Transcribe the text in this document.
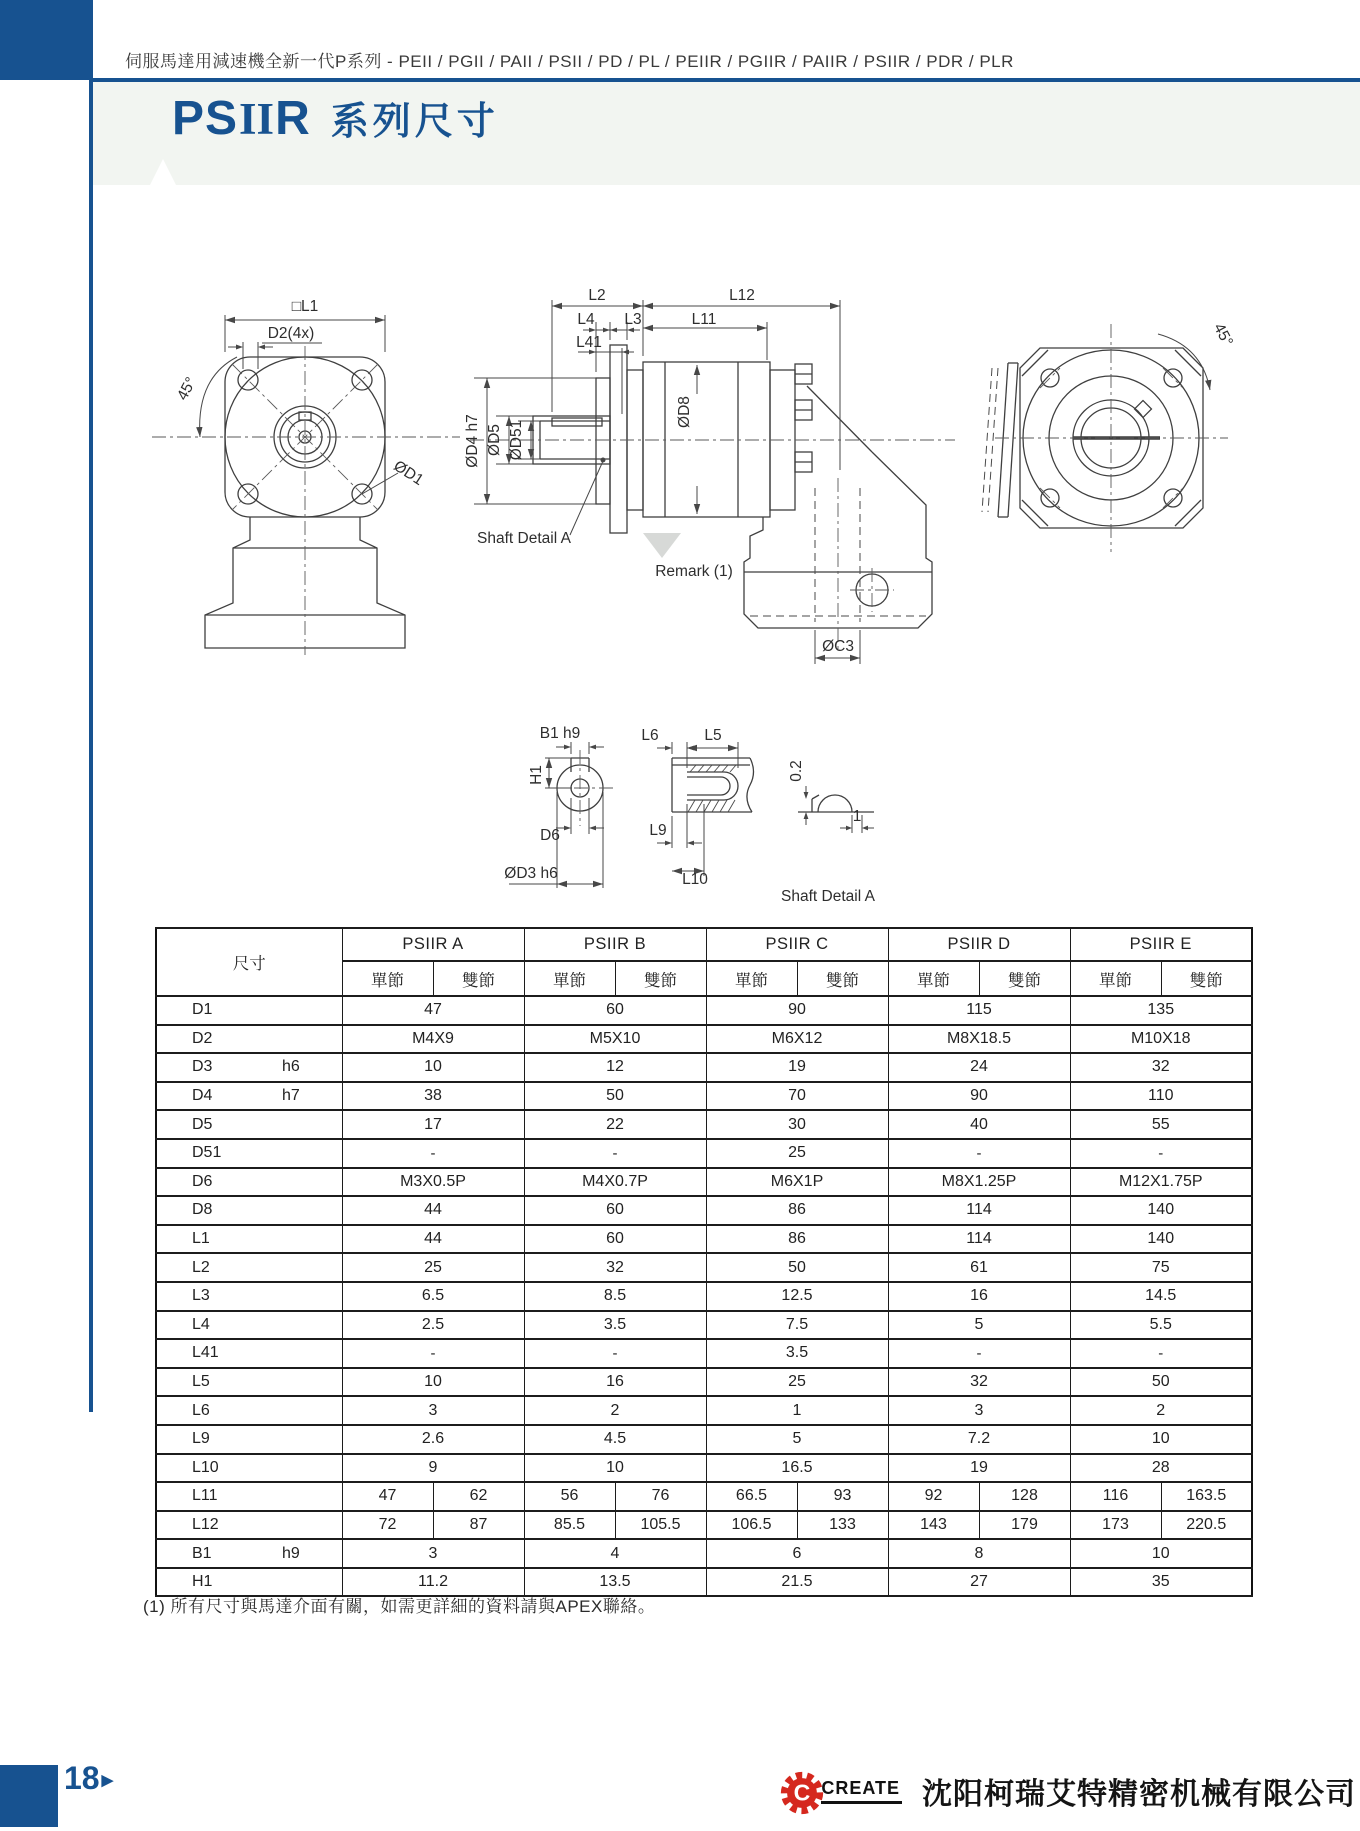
伺服馬達用減速機全新一代P系列 - PEII / PGII / PAII / PSII / PD / PL / PEIIR / PGIIR / PAIIR / PSIIR / PDR / PLR
PS II R 系列尺寸
□L1
D2(4x)
45°
ØD1
L2	L12
L4 L3	L11
L41
ØD4 h7 ØD5 ØD51
ØD8
Shaft Detail A
Remark (1)
ØC3
45°
B1 h9
H1
D6
ØD3 h6
L6	L5
L9
L10
0.2
1
Shaft Detail A
尺寸	PSIIR A		PSIIR B		PSIIR C		PSIIR D		PSIIR E	
	單節	雙節	單節	雙節	單節	雙節	單節	雙節	單節	雙節
D1	47		60		90		115		135	
D2	M4X9		M5X10		M6X12		M8X18.5		M10X18	
D3 h6	10		12		19		24		32	
D4 h7	38		50		70		90		110	
D5	17		22		30		40		55	
D51	-		-		25		-		-	
D6	M3X0.5P		M4X0.7P		M6X1P		M8X1.25P		M12X1.75P	
D8	44		60		86		114		140	
L1	44		60		86		114		140	
L2	25		32		50		61		75	
L3	6.5		8.5		12.5		16		14.5	
L4	2.5		3.5		7.5		5		5.5	
L41	-		-		3.5		-		-	
L5	10		16		25		32		50	
L6	3		2		1		3		2	
L9	2.6		4.5		5		7.2		10	
L10	9		10		16.5		19		28	
L11	47	62	56	76	66.5	93	92	128	116	163.5
L12	72	87	85.5	105.5	106.5	133	143	179	173	220.5
B1 h9	3		4		6		8		10	
H1	11.2		13.5		21.5		27		35	
(1) 所有尺寸與馬達介面有關，如需更詳細的資料請與APEX聯絡。
18 ▶	C CREATE 沈阳柯瑞艾特精密机械有限公司
